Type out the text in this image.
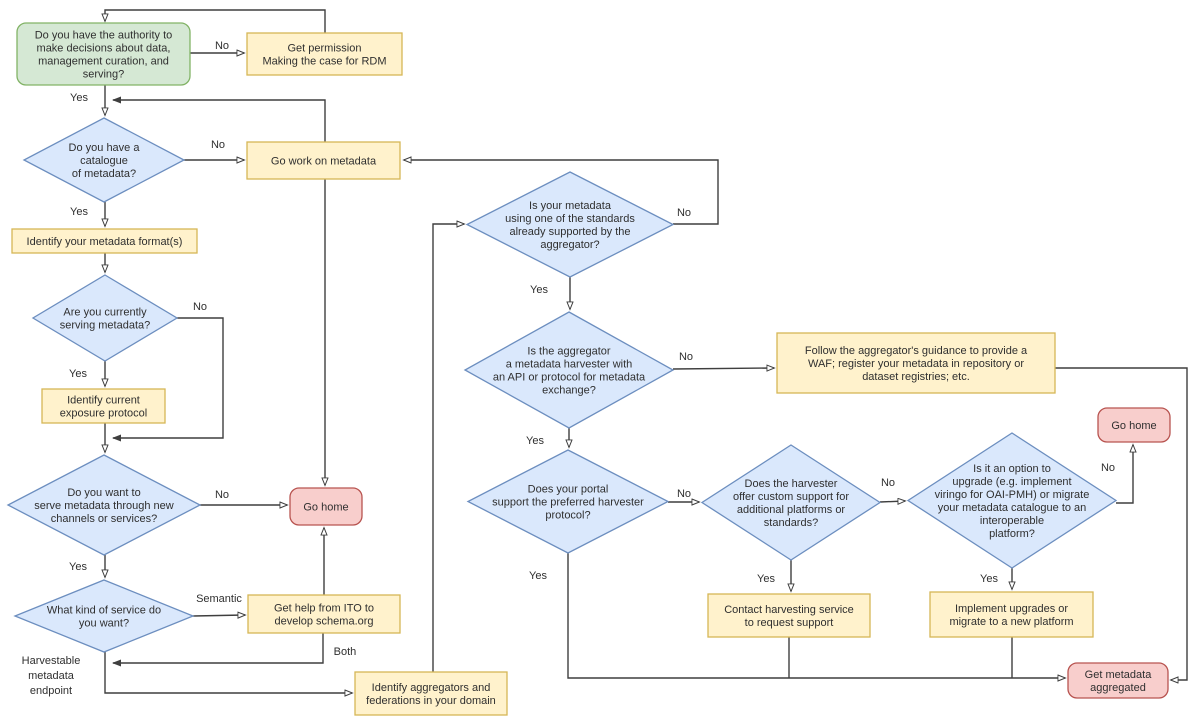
Do you have the authority to make decisions about data, management curation, and serving?
Get permission Making the case for RDM
Do you have a catalogue of metadata?
Go work on metadata
Identify your metadata format(s)
Are you currently serving metadata?
Identify current exposure protocol
Do you want to serve metadata through new channels or services?
Go home
What kind of service do you want?
Get help from ITO to develop schema.org
Identify aggregators and federations in your domain
Is your metadata using one of the standards already supported by the aggregator?
Is the aggregator a metadata harvester with an API or protocol for metadata exchange?
Follow the aggregator's guidance to provide a WAF; register your metadata in repository or dataset registries; etc.
Does your portal support the preferred harvester protocol?
Does the harvester offer custom support for additional platforms or standards?
Contact harvesting service to request support
Is it an option to upgrade (e.g. implement viringo for OAI-PMH) or migrate your metadata catalogue to an interoperable platform?
Go home
Implement upgrades or migrate to a new platform
Get metadata aggregated
No
Yes
No
Yes
No
Yes
No
Yes
Semantic
Both
No
Yes
No
Yes
No
Yes
No
Yes	Yes
No
Harvestable metadata endpoint
